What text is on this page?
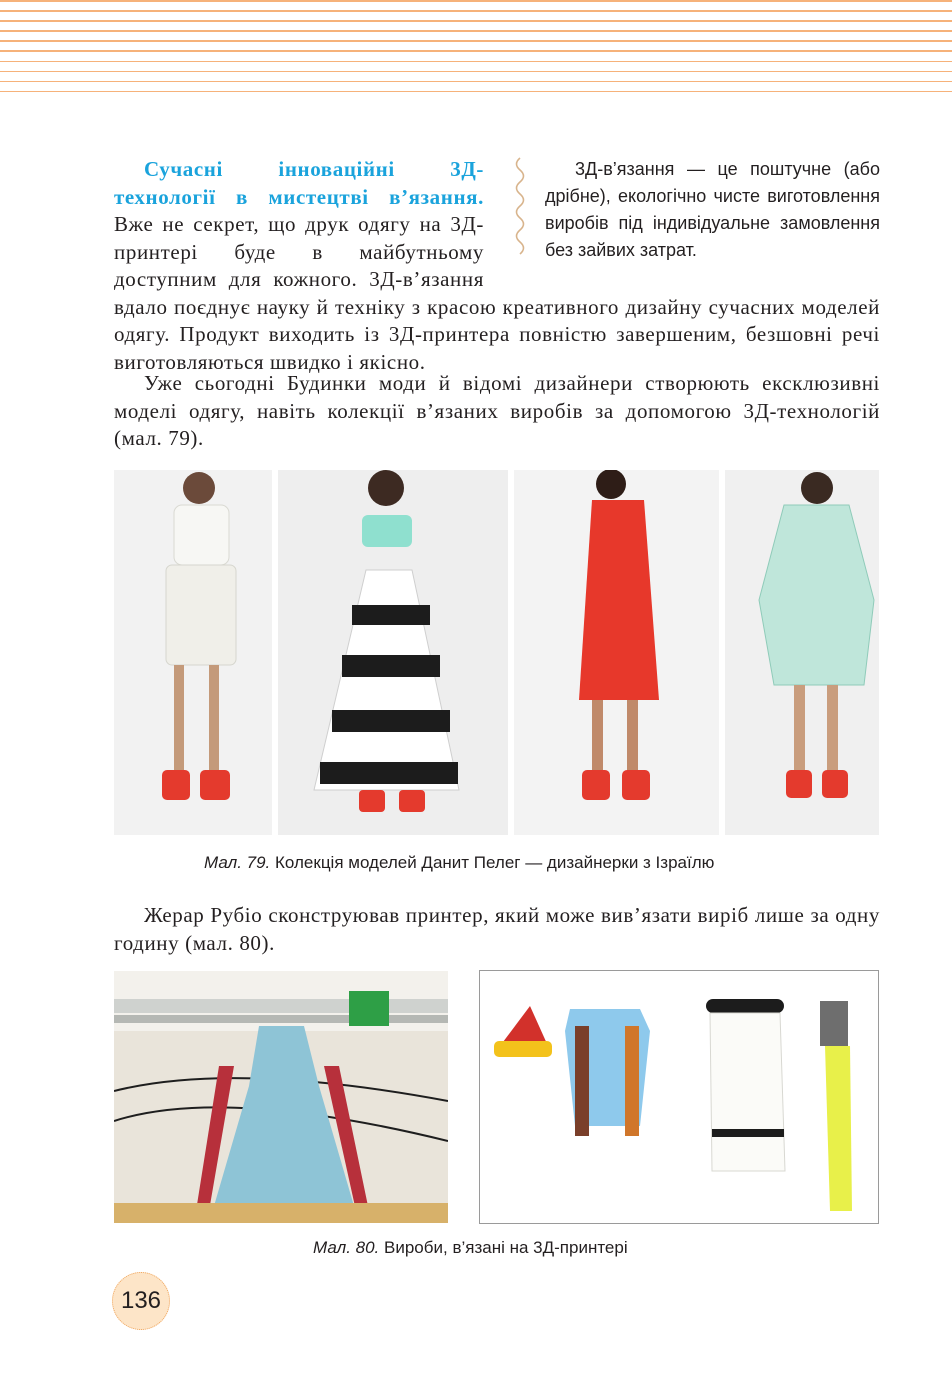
Сучасні інноваційні 3Д-технології в мистецтві в’язання. Вже не секрет, що друк одягу на 3Д-принтері буде в майбутньому доступним для кожного. 3Д-в’язання вдало поєднує науку й техніку з красою креативного дизайну сучасних моделей одягу. Продукт виходить із 3Д-принтера повністю завершеним, безшовні речі виготовляються швидко і якісно.
3Д-в’язання — це поштучне (або дрібне), екологічно чисте виготовлення виробів під індивідуальне замовлення без зайвих затрат.
Уже сьогодні Будинки моди й відомі дизайнери створюють ексклюзивні моделі одягу, навіть колекції в’язаних виробів за допомогою 3Д-технологій (мал. 79).
Мал. 79. Колекція моделей Данит Пелег — дизайнерки з Ізраїлю
Жерар Рубіо сконструював принтер, який може вив’язати виріб лише за одну годину (мал. 80).
Мал. 80. Вироби, в’язані на 3Д-принтері
136
